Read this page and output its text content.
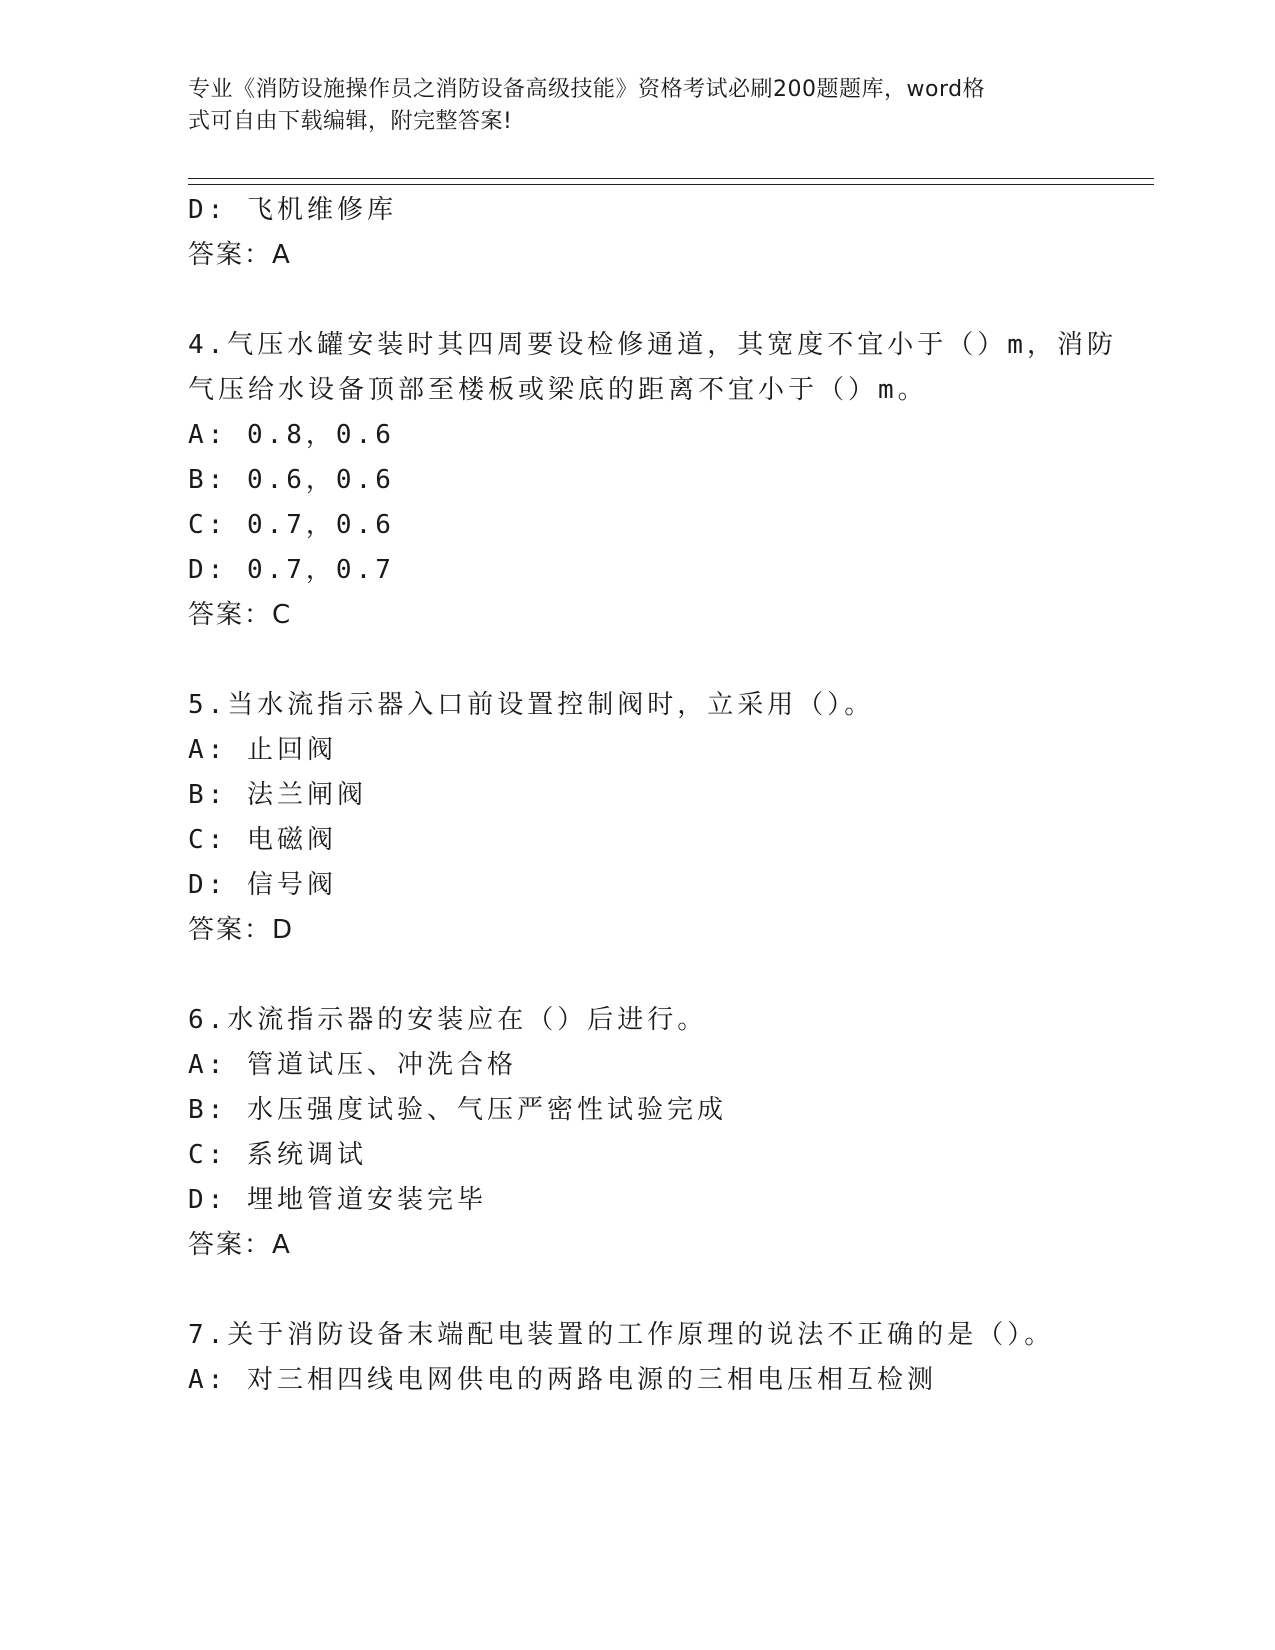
专业《消防设施操作员之消防设备高级技能》资格考试必刷200题题库，word格
式可自由下载编辑，附完整答案!
D: 飞机维修库
答案：A
4.气压水罐安装时其四周要设检修通道，其宽度不宜小于（）m，消防
气压给水设备顶部至楼板或梁底的距离不宜小于（）m。
A: 0.8，0.6
B: 0.6，0.6
C: 0.7，0.6
D: 0.7，0.7
答案：C
5.当水流指示器入口前设置控制阀时，立采用（）。
A: 止回阀
B: 法兰闸阀
C: 电磁阀
D: 信号阀
答案：D
6.水流指示器的安装应在（）后进行。
A: 管道试压、冲洗合格
B: 水压强度试验、气压严密性试验完成
C: 系统调试
D: 埋地管道安装完毕
答案：A
7.关于消防设备末端配电装置的工作原理的说法不正确的是（）。
A: 对三相四线电网供电的两路电源的三相电压相互检测
